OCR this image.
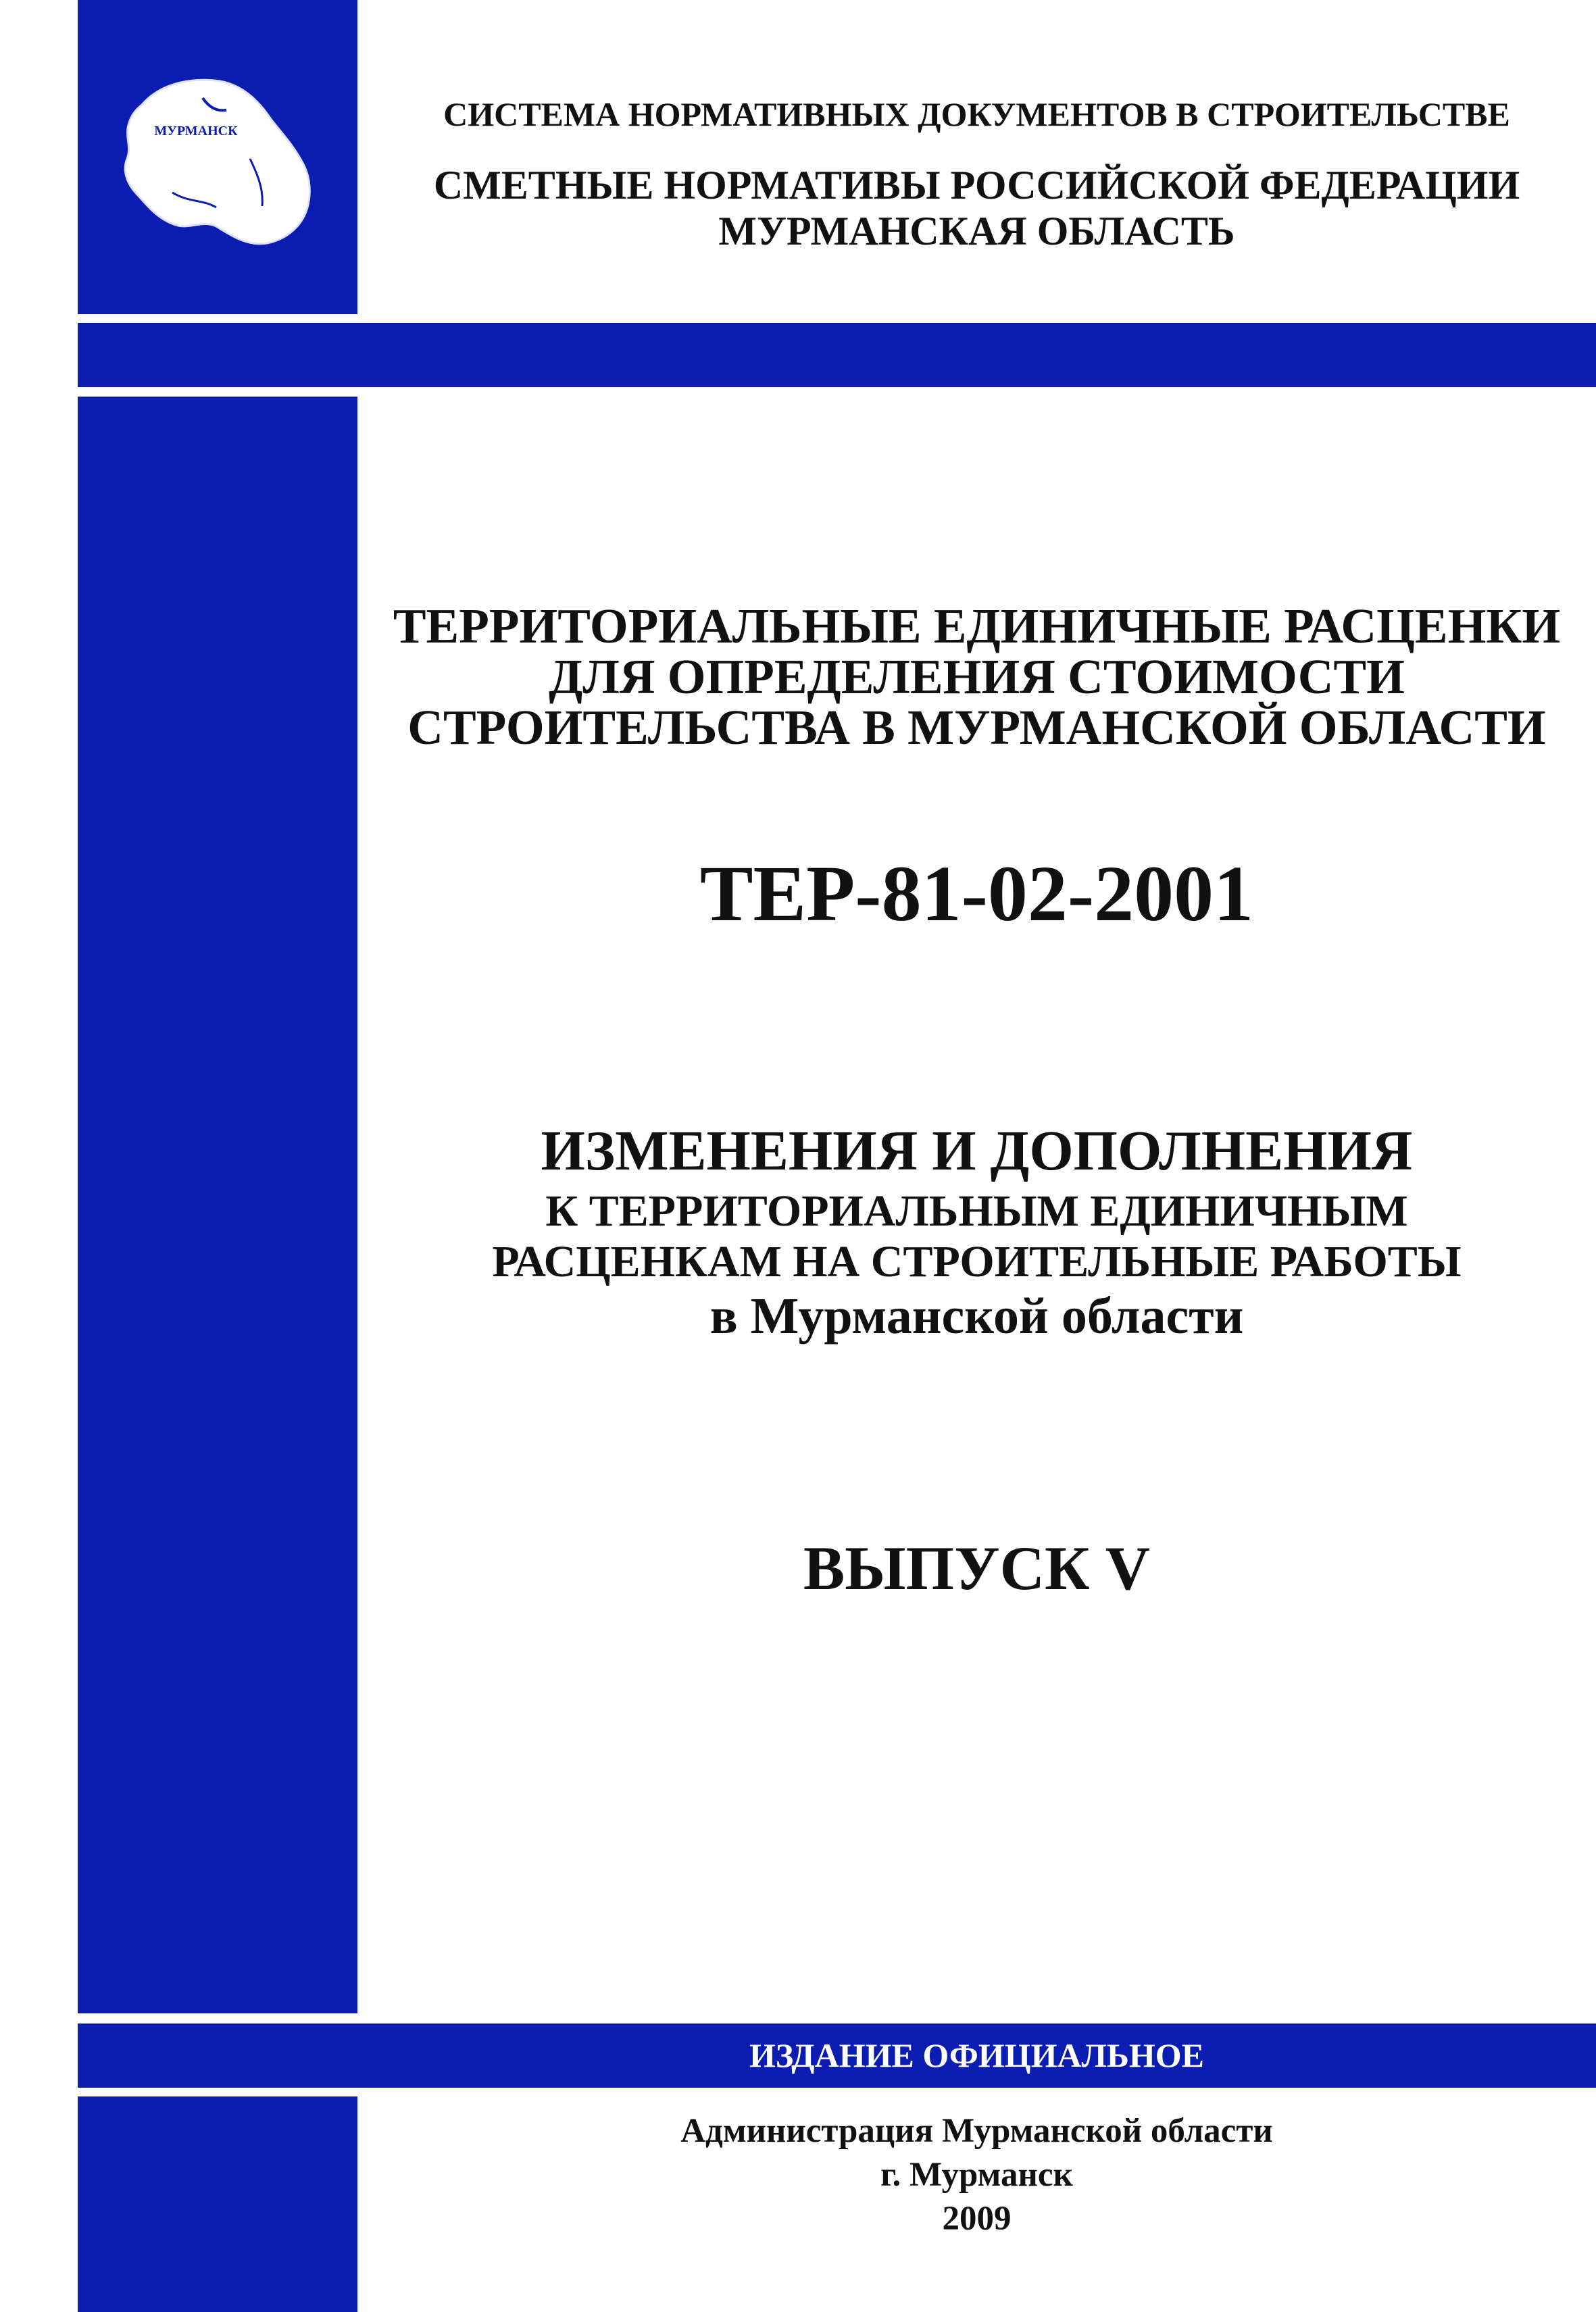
МУРМАНСК	СИСТЕМА НОРМАТИВНЫХ ДОКУМЕНТОВ В СТРОИТЕЛЬСТВЕ
СМЕТНЫЕ НОРМАТИВЫ РОССИЙСКОЙ ФЕДЕРАЦИИ
МУРМАНСКАЯ ОБЛАСТЬ
ТЕРРИТОРИАЛЬНЫЕ ЕДИНИЧНЫЕ РАСЦЕНКИ
ДЛЯ ОПРЕДЕЛЕНИЯ СТОИМОСТИ
СТРОИТЕЛЬСТВА В МУРМАНСКОЙ ОБЛАСТИ
ТЕР-81-02-2001
ИЗМЕНЕНИЯ И ДОПОЛНЕНИЯ
К ТЕРРИТОРИАЛЬНЫМ ЕДИНИЧНЫМ
РАСЦЕНКАМ НА СТРОИТЕЛЬНЫЕ РАБОТЫ
в Мурманской области
ВЫПУСК V
ИЗДАНИЕ ОФИЦИАЛЬНОЕ
Администрация Мурманской области
г. Мурманск
2009
